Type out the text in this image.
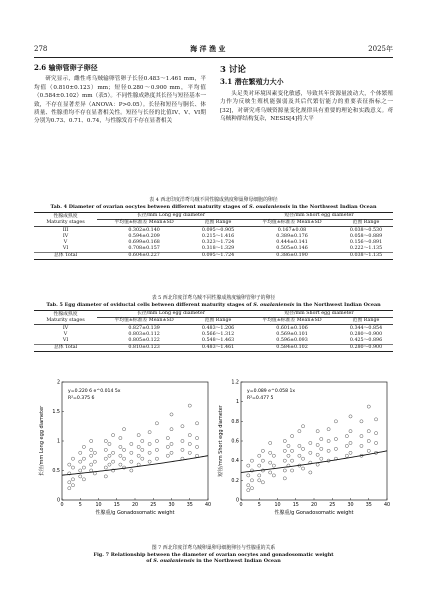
278	海 洋 渔 业	2025年
2.6 输卵管卵子卵径
研究显示，雌性鸢乌贼输卵管卵子长径0.483～1.461 mm，平均值（0.810±0.123）mm；短径0.280～0.900 mm，平均值（0.584±0.102）mm（表5）。不同性腺成熟度其长径与短径基本一致，不存在显著差异（ANOVA：P>0.05）。长径和短径与胴长、体质量、性腺重均不存在显著相关性。短径与长径的比值IV、V、VI期分别为0.73、0.71、0.74，与性腺发育不存在显著相关
3 讨论
3.1 潜在繁殖力大小
头足类对环境因素变化敏感，导致其年资源量波动大，个体繁殖力作为反映生殖机能强弱及其后代繁衍能力的重要表征指标之一[32]，对研究鸢乌贼资源量变化规律具有重要的理论和实践意义。鸢乌贼种群结构复杂，NESIS[4]将大平
表 4 西北印度洋鸢乌贼不同性腺成熟度卵巢卵母细胞的卵径
Tab. 4 Diameter of ovarian oocytes between different maturity stages of S. oualaniensis in the Northwest Indian Ocean
性腺成熟度
Maturity stages	长径/mm Long egg diameter		短径/mm Short egg diameter	
	平均值±标准差 Mean±SD	范围 Range	平均值±标准差 Mean±SD	范围 Range
III	0.302±0.140	0.095～0.905	0.167±0.08	0.038～0.530
IV	0.594±0.209	0.215～1.416	0.389±0.176	0.058～0.889
V	0.699±0.168	0.323～1.724	0.444±0.141	0.156～0.891
VI	0.708±0.157	0.318～1.329	0.505±0.146	0.222～1.135
总体 Total	0.604±0.227	0.095～1.724	0.386±0.190	0.038～1.135
表 5 西北印度洋鸢乌贼不同性腺成熟度输卵管卵子的卵径
Tab. 5 Egg diameter of oviductal cells between different maturity stages of S. oualaniensis in the Northwest Indian Ocean
性腺成熟度
Maturity stages	长径/mm Long egg diameter		短径/mm Short egg diameter	
	平均值±标准差 Mean±SD	范围 Range	平均值±标准差 Mean±SD	范围 Range
IV	0.827±0.139	0.483～1.206	0.601±0.106	0.344～0.854
V	0.803±0.112	0.566～1.312	0.569±0.101	0.280～0.900
VI	0.805±0.122	0.548～1.463	0.596±0.093	0.425～0.896
总体 Total	0.810±0.123	0.483～1.461	0.584±0.102	0.280～0.900
0
0.5
1
1.5
2
0	5	10	15	20	25	30	35	40
y=0.220 6 e^0.014 5x
R²=0.375 6
性腺重/g Gonadosomatic weight
长径/mm Long egg diameter
0
0.2
0.4
0.6
0.8
1
1.2
0	5	10	15	20	25	30	35	40
y=0.089 e^0.058 1x
R²=0.477 5
性腺重/g Gonadosomatic weight
短径/mm Short egg diameter
图 7 西北印度洋鸢乌贼卵巢卵母细胞卵径与性腺重的关系
Fig. 7 Relationship between the diameter of ovarian oocytes and gonadosomatic weight
of S. oualaniensis in the Northwest Indian Ocean
